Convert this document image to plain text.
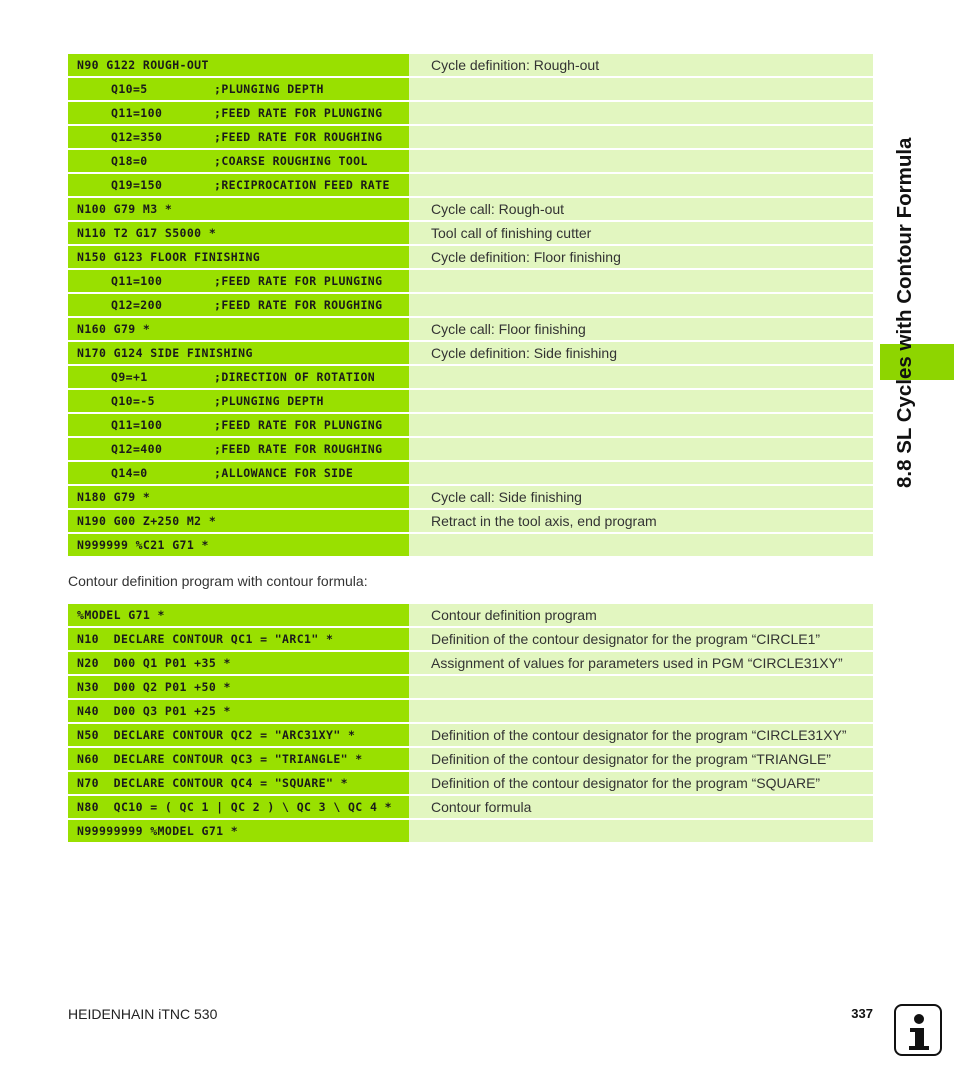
8.8 SL Cycles with Contour Formula
N90 G122 ROUGH-OUT	Cycle definition: Rough-out
Q10=5	;PLUNGING DEPTH
Q11=100	;FEED RATE FOR PLUNGING
Q12=350	;FEED RATE FOR ROUGHING
Q18=0	;COARSE ROUGHING TOOL
Q19=150	;RECIPROCATION FEED RATE
N100 G79 M3 *	Cycle call: Rough-out
N110 T2 G17 S5000 *	Tool call of finishing cutter
N150 G123 FLOOR FINISHING	Cycle definition: Floor finishing
Q11=100	;FEED RATE FOR PLUNGING
Q12=200	;FEED RATE FOR ROUGHING
N160 G79 *	Cycle call: Floor finishing
N170 G124 SIDE FINISHING	Cycle definition: Side finishing
Q9=+1	;DIRECTION OF ROTATION
Q10=-5	;PLUNGING DEPTH
Q11=100	;FEED RATE FOR PLUNGING
Q12=400	;FEED RATE FOR ROUGHING
Q14=0	;ALLOWANCE FOR SIDE
N180 G79 *	Cycle call: Side finishing
N190 G00 Z+250 M2 *	Retract in the tool axis, end program
N999999 %C21 G71 *
Contour definition program with contour formula:
%MODEL G71 *	Contour definition program
N10  DECLARE CONTOUR QC1 = "ARC1" *	Definition of the contour designator for the program “CIRCLE1”
N20  D00 Q1 P01 +35 *	Assignment of values for parameters used in PGM “CIRCLE31XY”
N30  D00 Q2 P01 +50 *
N40  D00 Q3 P01 +25 *
N50  DECLARE CONTOUR QC2 = "ARC31XY" *	Definition of the contour designator for the program “CIRCLE31XY”
N60  DECLARE CONTOUR QC3 = "TRIANGLE" *	Definition of the contour designator for the program “TRIANGLE”
N70  DECLARE CONTOUR QC4 = "SQUARE" *	Definition of the contour designator for the program “SQUARE”
N80  QC10 = ( QC 1 | QC 2 ) \ QC 3 \ QC 4 *	Contour formula
N99999999 %MODEL G71 *
HEIDENHAIN iTNC 530	337
